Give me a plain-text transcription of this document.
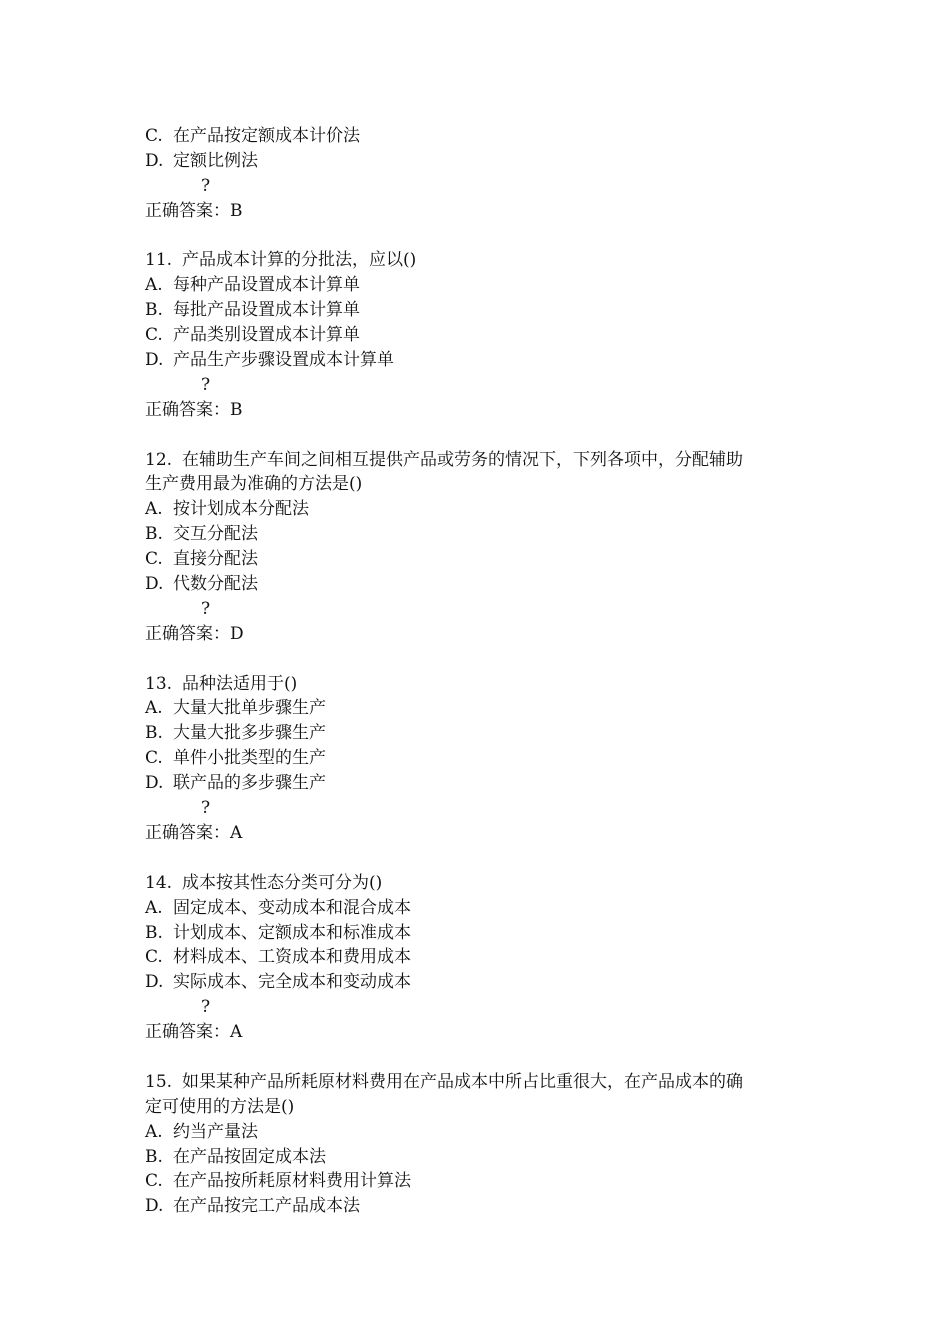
C. 在产品按定额成本计价法
D. 定额比例法
?
正确答案：B
11. 产品成本计算的分批法，应以()
A. 每种产品设置成本计算单
B. 每批产品设置成本计算单
C. 产品类别设置成本计算单
D. 产品生产步骤设置成本计算单
?
正确答案：B
12. 在辅助生产车间之间相互提供产品或劳务的情况下，下列各项中，分配辅助
生产费用最为准确的方法是()
A. 按计划成本分配法
B. 交互分配法
C. 直接分配法
D. 代数分配法
?
正确答案：D
13. 品种法适用于()
A. 大量大批单步骤生产
B. 大量大批多步骤生产
C. 单件小批类型的生产
D. 联产品的多步骤生产
?
正确答案：A
14. 成本按其性态分类可分为()
A. 固定成本、变动成本和混合成本
B. 计划成本、定额成本和标准成本
C. 材料成本、工资成本和费用成本
D. 实际成本、完全成本和变动成本
?
正确答案：A
15. 如果某种产品所耗原材料费用在产品成本中所占比重很大，在产品成本的确
定可使用的方法是()
A. 约当产量法
B. 在产品按固定成本法
C. 在产品按所耗原材料费用计算法
D. 在产品按完工产品成本法
